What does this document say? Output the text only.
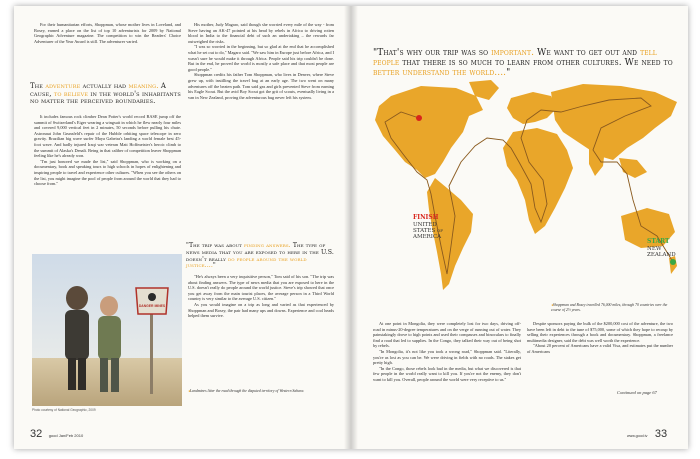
For their humanitarian efforts, Shoppman, whose mother lives in Loveland, and Bosey, earned a place on the list of top 10 adventurists for 2009 by National Geographic Adventure magazine. The competition to win the Readers' Choice Adventurer of the Year Award is still. The adventurer varied.

The adventure actually had meaning. A cause, to believe in the world's inhabitants no matter the perceived boundaries.

It includes famous rock climber Dean Potter's world record BASE jump off the summit of Switzerland's Eiger wearing a wingsuit in which he flew nearly four miles and covered 9,000 vertical feet in 2 minutes, 50 seconds before pulling his chute. Astronaut John Grunsfeld's repair of the Hubble orbiting space telescope in zero gravity. Brazilian big wave surfer Maya Gabeira's landing a world female best 45-foot wave. And badly injured Iraqi war veteran Matt Hoffmeister's heroic climb to the summit of Alaska's Denali. Being in that caliber of competition leaver Shoppman feeling like he's already won.

"I'm just honored we made the list," said Shoppman, who is working on a documentary, book and speaking tours to high schools in hopes of enlightening and inspiring people to travel and experience other cultures. "When you see the others on the list, you might imagine the pool of people from around the world that they had to choose from."

His mother, Judy Magaro, said though she worried every mile of the way - from Steve having an AK-47 pointed at his head by rebels in Africa to driving rotten blood in India to the financial debt of such an undertaking – the rewards far outweighed the risks.

"I was so worried in the beginning, but so glad at the end that he accomplished what he set out to do," Magaro said. "We saw him in Europe just before Africa, and I wasn't sure he would make it through Africa. People said his trip couldn't be done. But in the end, he proved the world is mostly a safe place and that most people are good people."

Shoppman credits his father Tom Shoppman, who lives in Denver, where Steve grew up, with instilling the travel bug at an early age. The two went on many adventures off the beaten path. Tom said gas and girls prevented Steve from earning his Eagle Scout. But the avid Boy Scout got the grit of scouts, eventually living in a van in New Zealand, proving the adventurous bug never left his system.

"The trip was about finding answers. The type of news media that you are exposed to here in the U.S. doesn't really do people around the world justice...."

"He's always been a very inquisitive person," Tom said of his son. "The trip was about finding answers. The type of news media that you are exposed to here in the U.S. doesn't really do people around the world justice. Steve's trip showed that once you get away from the main tourist places, the average person in a Third World country is very similar to the average U.S. citizen."

As you would imagine on a trip as long and varied as that experienced by Shoppman and Bosey, the pair had many ups and downs. Experience and cool heads helped them survive.

DANGER MINES
Photo courtesy of National Geographic, 2009
◂Landmines litter the road through the disputed territory of Western Sahara.
32 good Jan/Feb 2010
"That's why our trip was so important. We want to get out and tell people that there is so much to learn from other cultures. We need to better understand the world...."
FINISH
UNITED STATES of AMERICA
START
NEW ZEALAND
◂Shoppman and Bosey travelled 76,000 miles, through 70 countries over the course of 2½ years.

At one point in Mongolia, they were completely lost for two days, driving off-road in minus-20-degree temperatures and on the verge of running out of water. They painstakingly drove to high points and used their compasses and binoculars to finally find a road that led to supplies. In the Congo, they talked their way out of being shot by rebels.

"In Mongolia, it's not like you took a wrong road," Shoppman said. "Literally, you're as lost as you can be. We were driving in fields with no roads. The stakes get pretty high.

"In the Congo, those rebels look bad in the media, but what we discovered is that few people in the world really want to kill you. If you're not the enemy, they don't want to kill you. Overall, people around the world were very receptive to us."

Despite sponsors paying the bulk of the $200,000 cost of the adventure, the two have been left in debt to the tune of $75,000, some of which they hope to recoup by selling their experiences through a book and documentary. Shoppman, a freelance multimedia designer, said the debt was well worth the experience.

"About 20 percent of Americans have a valid Visa, and estimates put the number of Americans

Continued on page 67
www.good.tv 33
